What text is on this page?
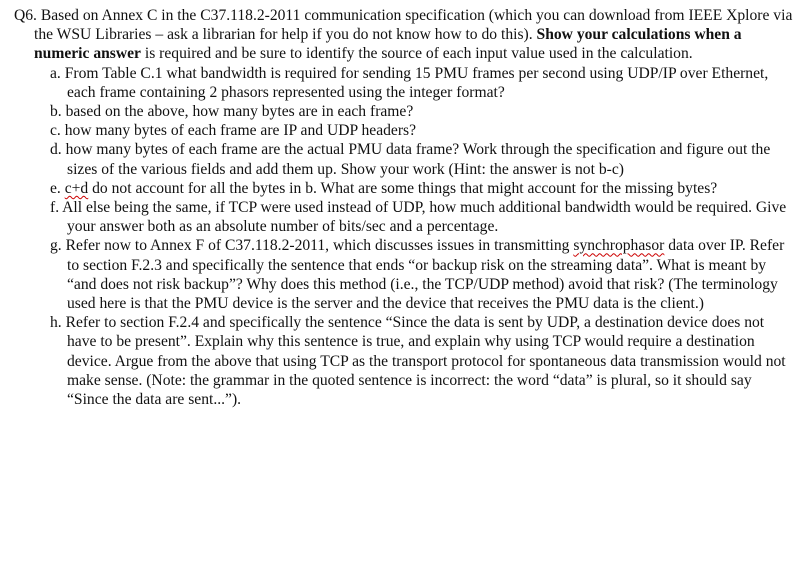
Q6. Based on Annex C in the C37.118.2-2011 communication specification (which you can download from IEEE Xplore via the WSU Libraries – ask a librarian for help if you do not know how to do this). Show your calculations when a numeric answer is required and be sure to identify the source of each input value used in the calculation.

a. From Table C.1 what bandwidth is required for sending 15 PMU frames per second using UDP/IP over Ethernet, each frame containing 2 phasors represented using the integer format?
b. based on the above, how many bytes are in each frame?
c. how many bytes of each frame are IP and UDP headers?
d. how many bytes of each frame are the actual PMU data frame? Work through the specification and figure out the sizes of the various fields and add them up. Show your work (Hint: the answer is not b-c)
e. c+d do not account for all the bytes in b. What are some things that might account for the missing bytes?
f. All else being the same, if TCP were used instead of UDP, how much additional bandwidth would be required. Give your answer both as an absolute number of bits/sec and a percentage.
g. Refer now to Annex F of C37.118.2-2011, which discusses issues in transmitting synchrophasor data over IP. Refer to section F.2.3 and specifically the sentence that ends “or backup risk on the streaming data”. What is meant by “and does not risk backup”? Why does this method (i.e., the TCP/UDP method) avoid that risk? (The terminology used here is that the PMU device is the server and the device that receives the PMU data is the client.)
h. Refer to section F.2.4 and specifically the sentence “Since the data is sent by UDP, a destination device does not have to be present”. Explain why this sentence is true, and explain why using TCP would require a destination device. Argue from the above that using TCP as the transport protocol for spontaneous data transmission would not make sense. (Note: the grammar in the quoted sentence is incorrect: the word “data” is plural, so it should say “Since the data are sent...”).
